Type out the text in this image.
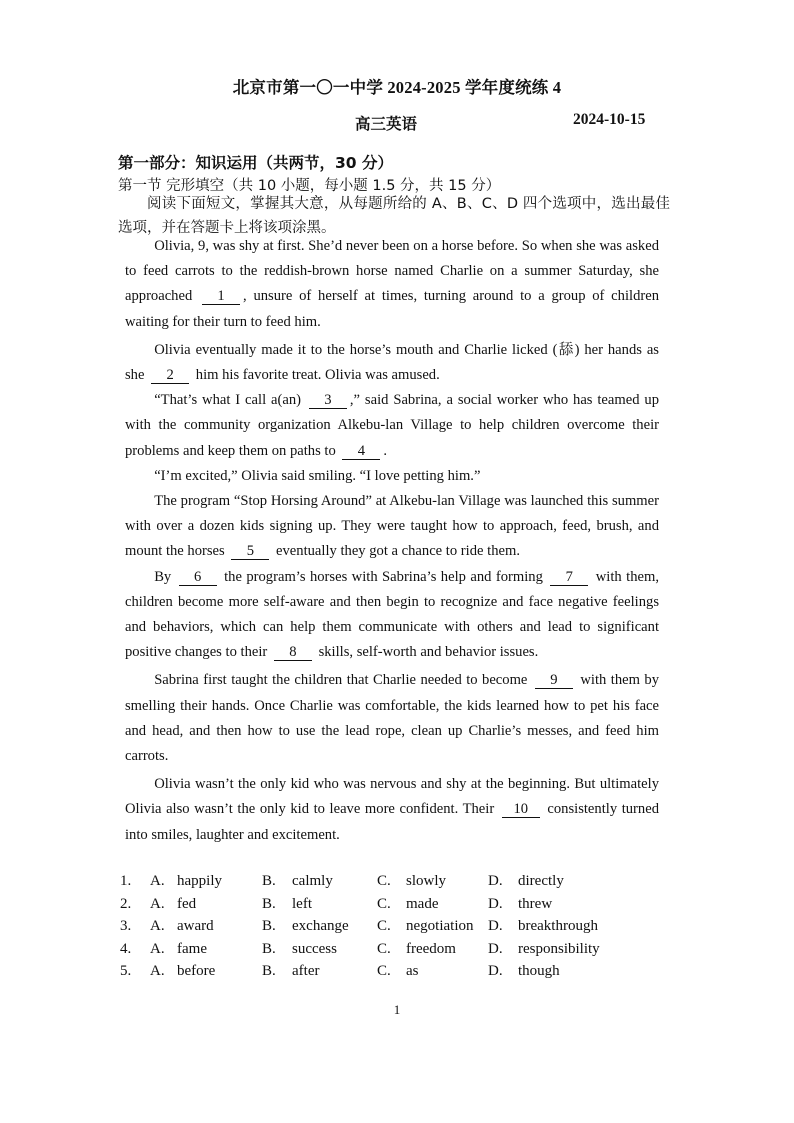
北京市第一〇一中学 2024-2025 学年度统练 4
高三英语	2024-10-15
第一部分：知识运用（共两节，30 分）
第一节 完形填空（共 10 小题，每小题 1.5 分，共 15 分）
阅读下面短文，掌握其大意，从每题所给的 A、B、C、D 四个选项中，选出最佳选项，并在答题卡上将该项涂黑。

Olivia, 9, was shy at first. She’d never been on a horse before. So when she was asked to feed carrots to the reddish-brown horse named Charlie on a summer Saturday, she approached 1 , unsure of herself at times, turning around to a group of children waiting for their turn to feed him.

Olivia eventually made it to the horse’s mouth and Charlie licked (舔) her hands as she 2 him his favorite treat. Olivia was amused.

“That’s what I call a(an) 3 ,” said Sabrina, a social worker who has teamed up with the community organization Alkebu-lan Village to help children overcome their problems and keep them on paths to 4 .

“I’m excited,” Olivia said smiling. “I love petting him.”

The program “Stop Horsing Around” at Alkebu-lan Village was launched this summer with over a dozen kids signing up. They were taught how to approach, feed, brush, and mount the horses 5 eventually they got a chance to ride them.

By 6 the program’s horses with Sabrina’s help and forming 7 with them, children become more self-aware and then begin to recognize and face negative feelings and behaviors, which can help them communicate with others and lead to significant positive changes to their 8 skills, self-worth and behavior issues.

Sabrina first taught the children that Charlie needed to become 9 with them by smelling their hands. Once Charlie was comfortable, the kids learned how to pet his face and head, and then how to use the lead rope, clean up Charlie’s messes, and feed him carrots.

Olivia wasn’t the only kid who was nervous and shy at the beginning. But ultimately Olivia also wasn’t the only kid to leave more confident. Their 10 consistently turned into smiles, laughter and excitement.

1. A. happily	B. calmly	C. slowly	D. directly
2. A. fed	B. left	C. made	D. threw
3. A. award	B. exchange C. negotiation D. breakthrough
4. A. fame	B. success	C. freedom D. responsibility
5. A. before	B. after	C. as	D. though
1
